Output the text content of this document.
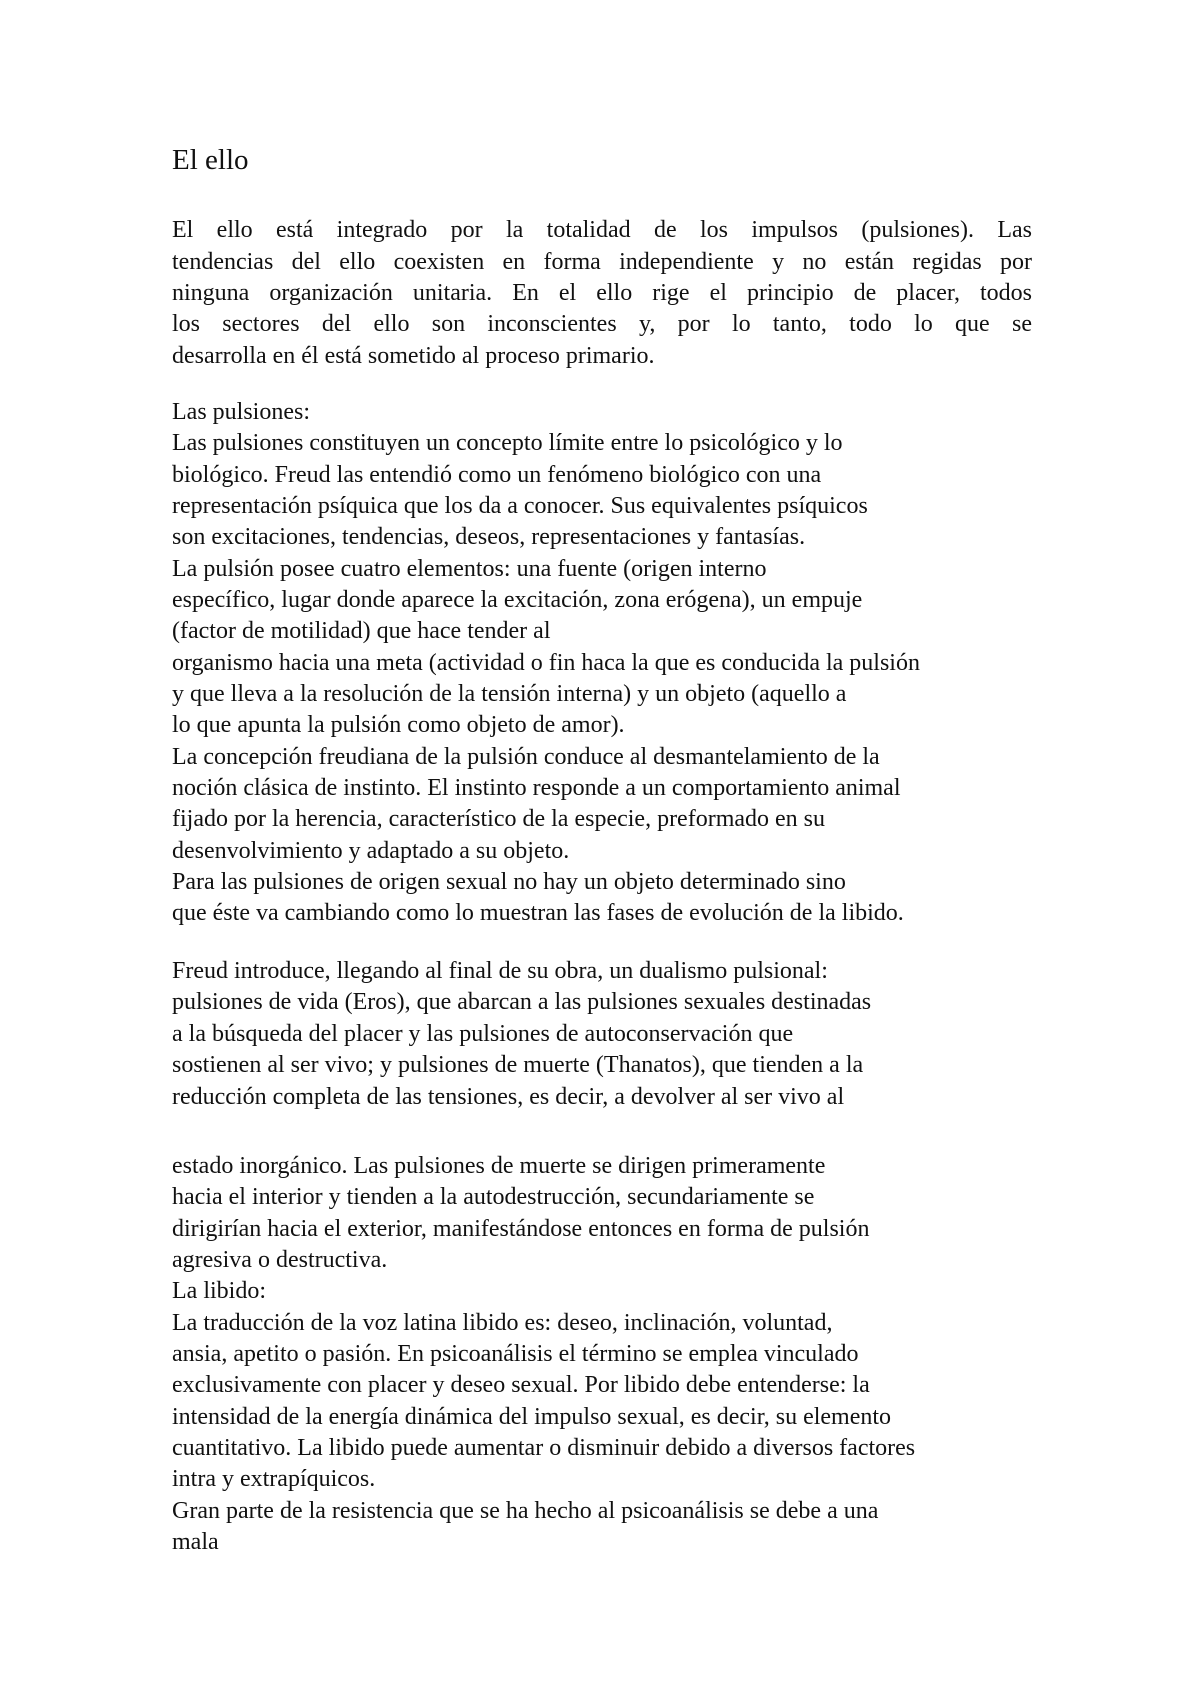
El ello
El ello está integrado por la totalidad de los impulsos (pulsiones). Las
tendencias del ello coexisten en forma independiente y no están regidas por
ninguna organización unitaria. En el ello rige el principio de placer, todos
los sectores del ello son inconscientes y, por lo tanto, todo lo que se
desarrolla en él está sometido al proceso primario.
Las pulsiones:
Las pulsiones constituyen un concepto límite entre lo psicológico y lo
biológico. Freud las entendió como un fenómeno biológico con una
representación psíquica que los da a conocer. Sus equivalentes psíquicos
son excitaciones, tendencias, deseos, representaciones y fantasías.
La pulsión posee cuatro elementos: una fuente (origen interno
específico, lugar donde aparece la excitación, zona erógena), un empuje
(factor de motilidad) que hace tender al
organismo hacia una meta (actividad o fin haca la que es conducida la pulsión
y que lleva a la resolución de la tensión interna) y un objeto (aquello a
lo que apunta la pulsión como objeto de amor).
La concepción freudiana de la pulsión conduce al desmantelamiento de la
noción clásica de instinto. El instinto responde a un comportamiento animal
fijado por la herencia, característico de la especie, preformado en su
desenvolvimiento y adaptado a su objeto.
Para las pulsiones de origen sexual no hay un objeto determinado sino
que éste va cambiando como lo muestran las fases de evolución de la libido.
Freud introduce, llegando al final de su obra, un dualismo pulsional:
pulsiones de vida (Eros), que abarcan a las pulsiones sexuales destinadas
a la búsqueda del placer y las pulsiones de autoconservación que
sostienen al ser vivo; y pulsiones de muerte (Thanatos), que tienden a la
reducción completa de las tensiones, es decir, a devolver al ser vivo al
estado inorgánico. Las pulsiones de muerte se dirigen primeramente
hacia el interior y tienden a la autodestrucción, secundariamente se
dirigirían hacia el exterior, manifestándose entonces en forma de pulsión
agresiva o destructiva.
La libido:
La traducción de la voz latina libido es: deseo, inclinación, voluntad,
ansia, apetito o pasión. En psicoanálisis el término se emplea vinculado
exclusivamente con placer y deseo sexual. Por libido debe entenderse: la
intensidad de la energía dinámica del impulso sexual, es decir, su elemento
cuantitativo. La libido puede aumentar o disminuir debido a diversos factores
intra y extrapíquicos.
Gran parte de la resistencia que se ha hecho al psicoanálisis se debe a una
mala
